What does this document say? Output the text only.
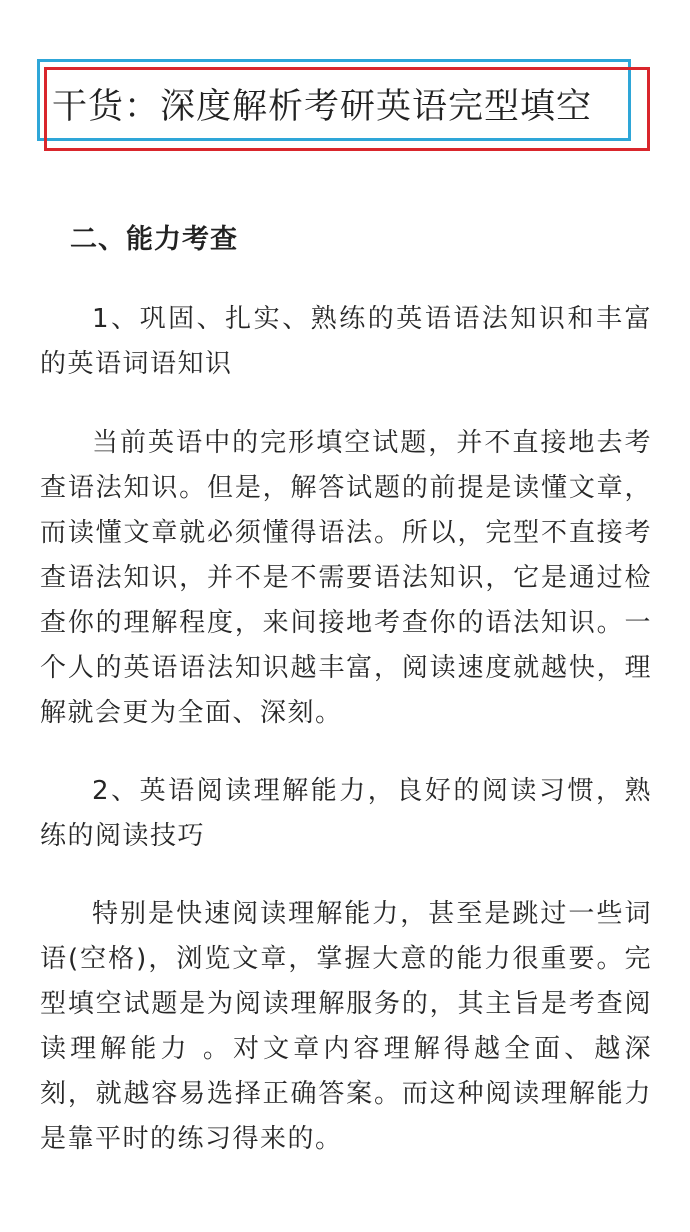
干货：深度解析考研英语完型填空
二、能力考查

1、巩固、扎实、熟练的英语语法知识和丰富的英语词语知识

当前英语中的完形填空试题，并不直接地去考查语法知识。但是，解答试题的前提是读懂文章，而读懂文章就必须懂得语法。所以，完型不直接考查语法知识，并不是不需要语法知识，它是通过检查你的理解程度，来间接地考查你的语法知识。一个人的英语语法知识越丰富，阅读速度就越快，理解就会更为全面、深刻。

2、英语阅读理解能力，良好的阅读习惯，熟练的阅读技巧

特别是快速阅读理解能力，甚至是跳过一些词语(空格)，浏览文章，掌握大意的能力很重要。完型填空试题是为阅读理解服务的，其主旨是考查阅读理解能力 。对文章内容理解得越全面、越深刻，就越容易选择正确答案。而这种阅读理解能力是靠平时的练习得来的。
